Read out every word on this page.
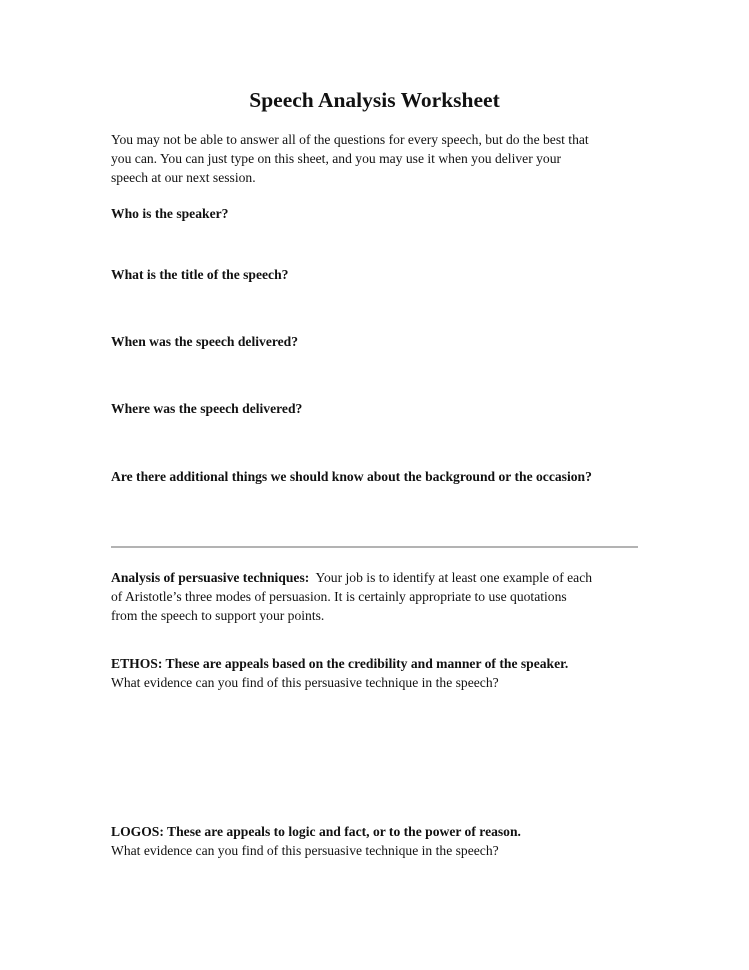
Speech Analysis Worksheet
You may not be able to answer all of the questions for every speech, but do the best that
you can. You can just type on this sheet, and you may use it when you deliver your
speech at our next session.
Who is the speaker?
What is the title of the speech?
When was the speech delivered?
Where was the speech delivered?
Are there additional things we should know about the background or the occasion?
Analysis of persuasive techniques:  Your job is to identify at least one example of each
of Aristotle’s three modes of persuasion. It is certainly appropriate to use quotations
from the speech to support your points.
ETHOS: These are appeals based on the credibility and manner of the speaker.
What evidence can you find of this persuasive technique in the speech?
LOGOS: These are appeals to logic and fact, or to the power of reason.
What evidence can you find of this persuasive technique in the speech?
